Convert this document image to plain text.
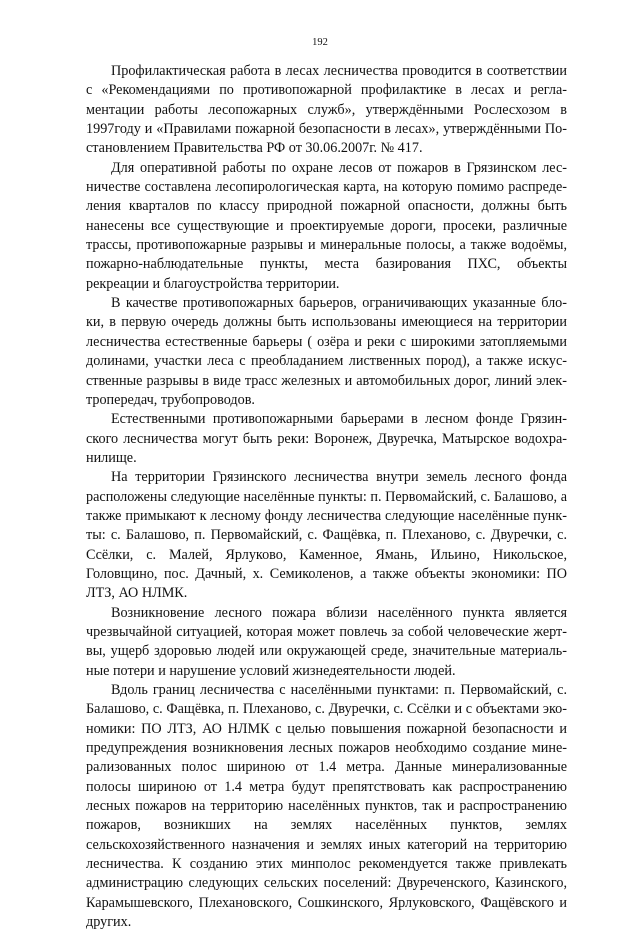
192

Профилактическая работа в лесах лесничества проводится в соответствии с «Рекомендациями по противопожарной профилактике в лесах и регламентации работы лесопожарных служб», утверждёнными Рослесхозом в 1997году и «Правилами пожарной безопасности в лесах», утверждёнными Постановлением Правительства РФ от 30.06.2007г. № 417.

Для оперативной работы по охране лесов от пожаров в Грязинском лесничестве составлена лесопирологическая карта, на которую помимо распределения кварталов по классу природной пожарной опасности, должны быть нанесены все существующие и проектируемые дороги, просеки, различные трассы, противопожарные разрывы и минеральные полосы, а также водоёмы, пожарно-наблюдательные пункты, места базирования ПХС, объекты рекреации и благоустройства территории.

В качестве противопожарных барьеров, ограничивающих указанные блоки, в первую очередь должны быть использованы имеющиеся на территории лесничества естественные барьеры ( озёра и реки с широкими затопляемыми долинами, участки леса с преобладанием лиственных пород), а также искусственные разрывы в виде трасс железных и автомобильных дорог, линий электропередач, трубопроводов.

Естественными противопожарными барьерами в лесном фонде Грязинского лесничества могут быть реки: Воронеж, Двуречка, Матырское водохранилище.

На территории Грязинского лесничества внутри земель лесного фонда расположены следующие населённые пункты: п. Первомайский, с. Балашово, а также примыкают к лесному фонду лесничества следующие населённые пункты: с. Балашово, п. Первомайский, с. Фащёвка, п. Плеханово, с. Двуречки, с. Ссёлки, с. Малей, Ярлуково, Каменное, Ямань, Ильино, Никольское, Головщино, пос. Дачный, х. Семиколенов, а также объекты экономики: ПО ЛТЗ, АО НЛМК.

Возникновение лесного пожара вблизи населённого пункта является чрезвычайной ситуацией, которая может повлечь за собой человеческие жертвы, ущерб здоровью людей или окружающей среде, значительные материальные потери и нарушение условий жизнедеятельности людей.

Вдоль границ лесничества с населёнными пунктами: п. Первомайский, с. Балашово, с. Фащёвка, п. Плеханово, с. Двуречки, с. Ссёлки и с объектами экономики: ПО ЛТЗ, АО НЛМК с целью повышения пожарной безопасности и предупреждения возникновения лесных пожаров необходимо создание минерализованных полос шириною от 1.4 метра. Данные минерализованные полосы шириною от 1.4 метра будут препятствовать как распространению лесных пожаров на территорию населённых пунктов, так и распространению пожаров, возникших на землях населённых пунктов, землях сельскохозяйственного назначения и землях иных категорий на территорию лесничества. К созданию этих минполос рекомендуется также привлекать администрацию следующих сельских поселений: Двуреченского, Казинского, Карамышевского, Плехановского, Сошкинского, Ярлуковского, Фащёвского и других.
